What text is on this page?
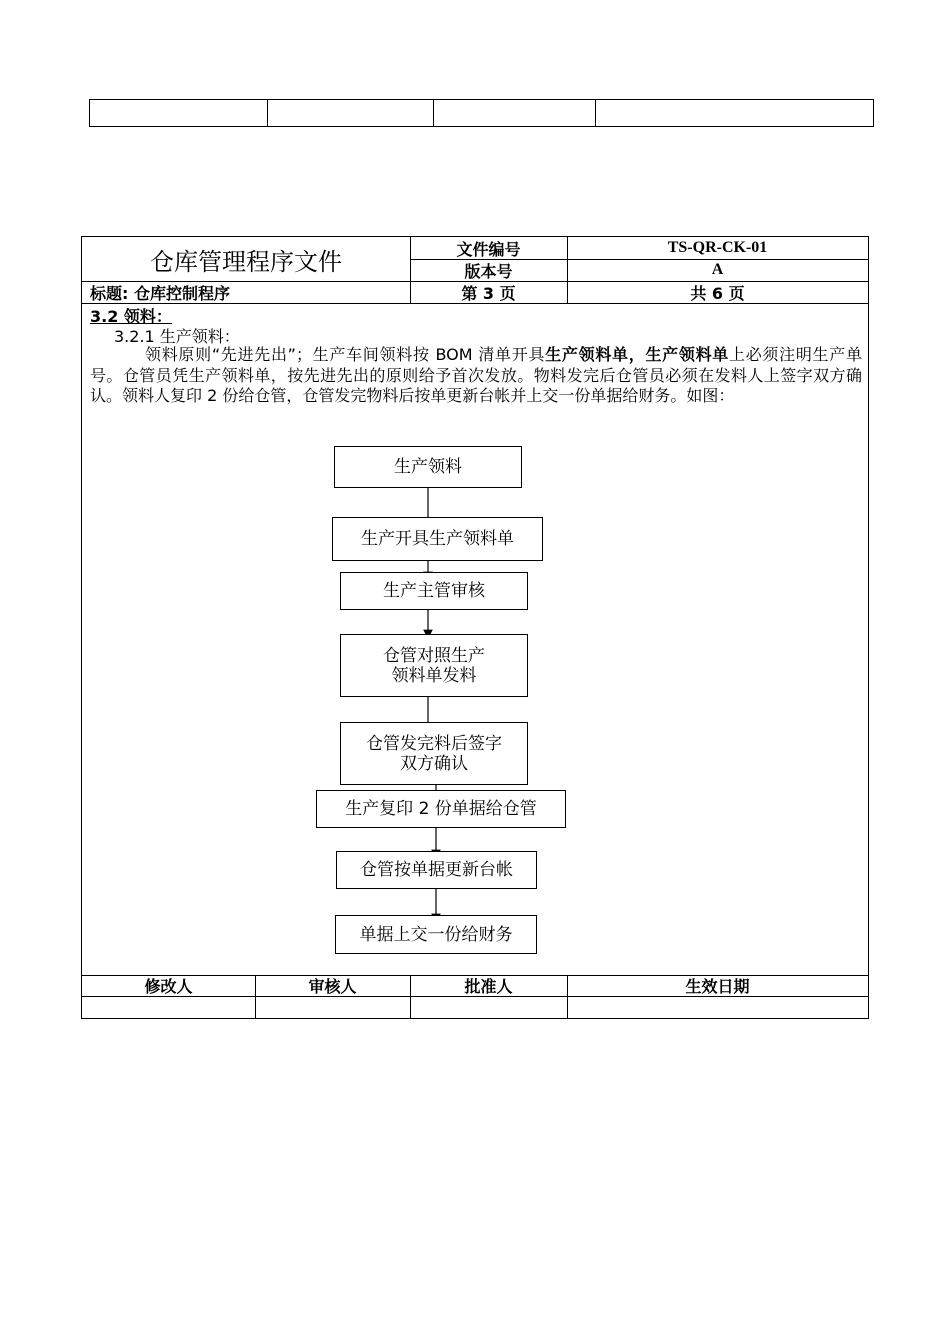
仓库管理程序文件	文件编号	TS-QR-CK-01
版本号	A
标题: 仓库控制程序	第 3 页	共 6 页
3.2 领料：
3.2.1 生产领料：
领料原则“先进先出”；生产车间领料按 BOM 清单开具生产领料单，生产领料单上必须注明生产单号。仓管员凭生产领料单，按先进先出的原则给予首次发放。物料发完后仓管员必须在发料人上签字双方确认。领料人复印 2 份给仓管，仓管发完物料后按单更新台帐并上交一份单据给财务。如图：
生产领料
生产开具生产领料单
生产主管审核
仓管对照生产
领料单发料
仓管发完料后签字
双方确认
生产复印 2 份单据给仓管
仓管按单据更新台帐
单据上交一份给财务
修改人	审核人	批准人	生效日期
